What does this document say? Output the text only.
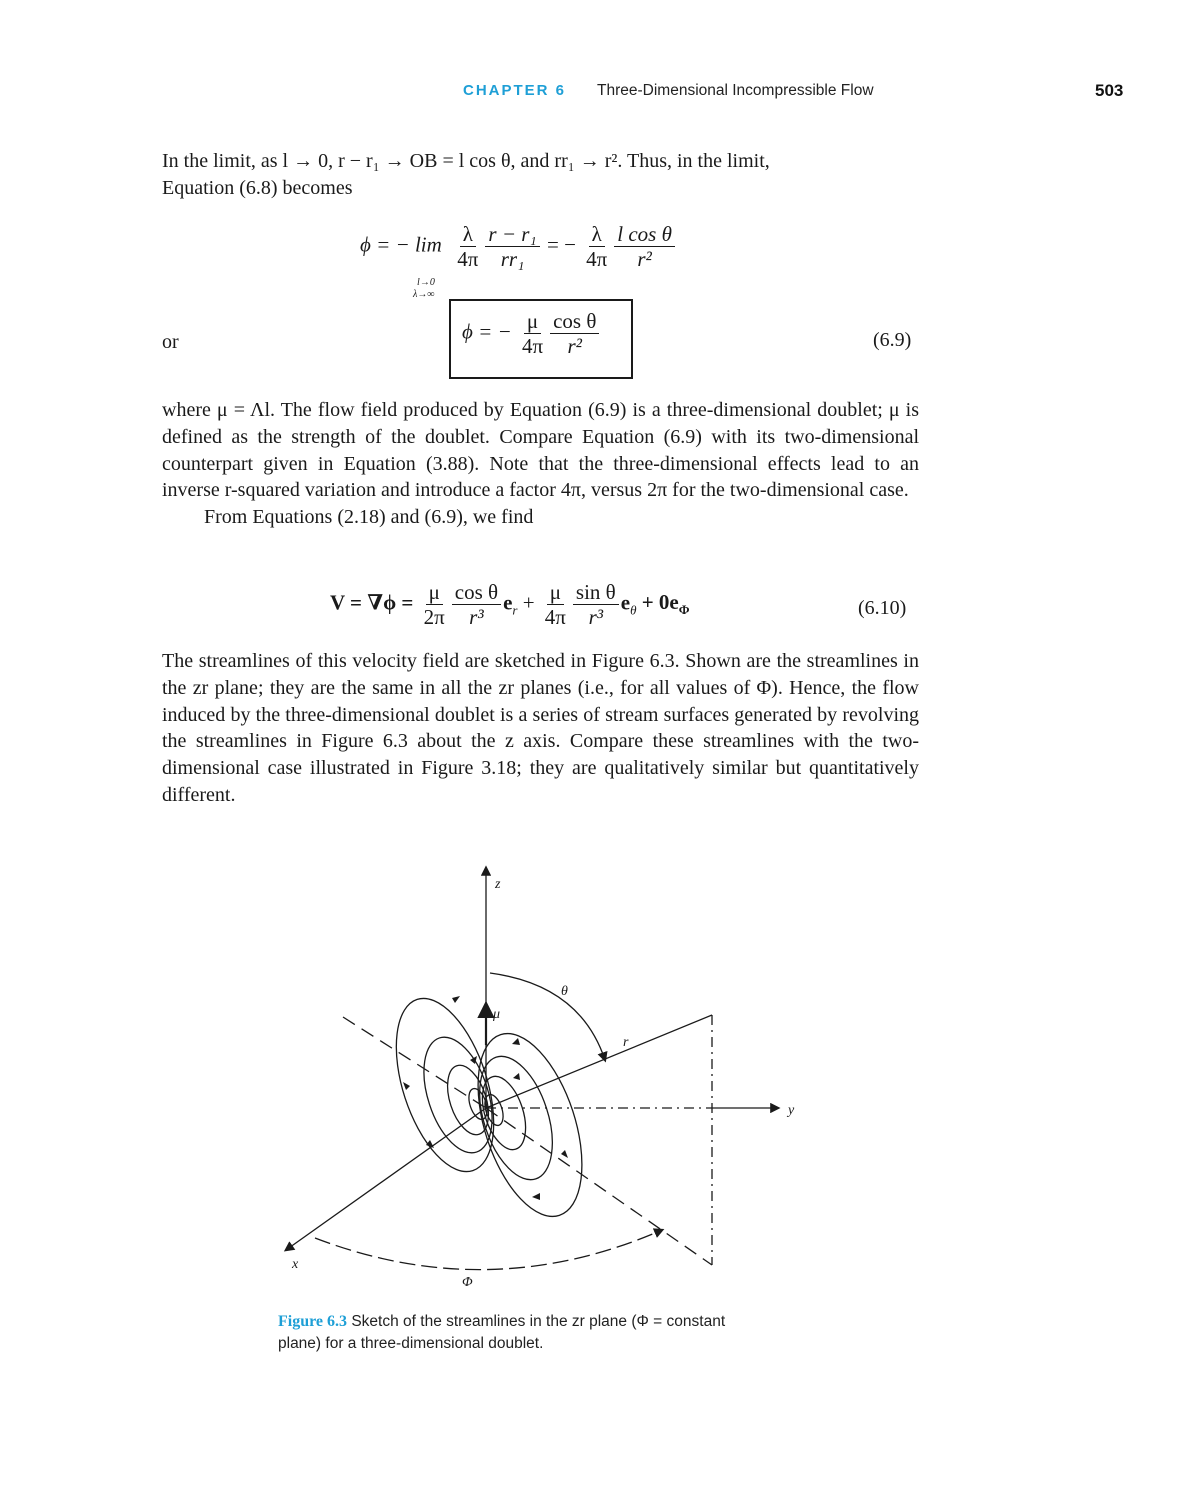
CHAPTER 6 Three-Dimensional Incompressible Flow	503

In the limit, as l → 0, r − r₁ → OB = l cos θ, and rr₁ → r². Thus, in the limit,

Equation (6.8) becomes

ϕ = − lim
l→0
λ→∞

$\frac{\lambda}{4\pi} \frac{\text{r − r₁}}{\text{rr₁}}$ = − $\frac{\lambda}{4\pi} \frac{\text{l cos θ}}{\text{r²}}$
or	ϕ = − $\frac{\mu}{4\pi} \frac{\text{cos θ}}{\text{r²}}$	(6.9)

where μ = Λl. The flow field produced by Equation (6.9) is a three-dimensional doublet; μ is defined as the strength of the doublet. Compare Equation (6.9) with its two-dimensional counterpart given in Equation (3.88). Note that the three-dimensional effects lead to an inverse r-squared variation and introduce a factor 4π, versus 2π for the two-dimensional case.

From Equations (2.18) and (6.9), we find

$V = \nabla\phi = \frac{\mu}{2\pi} \frac{\text{cos θ}}{\text{r³}} e_r + \frac{\mu}{4\pi} \frac{\text{sin θ}}{\text{r³}} e_\theta + 0e_\Phi$	(6.10)

The streamlines of this velocity field are sketched in Figure 6.3. Shown are the streamlines in the zr plane; they are the same in all the zr planes (i.e., for all values of Φ). Hence, the flow induced by the three-dimensional doublet is a series of stream surfaces generated by revolving the streamlines in Figure 6.3 about the z axis. Compare these streamlines with the two-dimensional case illustrated in Figure 3.18; they are qualitatively similar but quantitatively different.

z
y
x
r
θ
μ
Φ
Figure 6.3 Sketch of the streamlines in the zr plane (Φ = constant plane) for a three-dimensional doublet.
